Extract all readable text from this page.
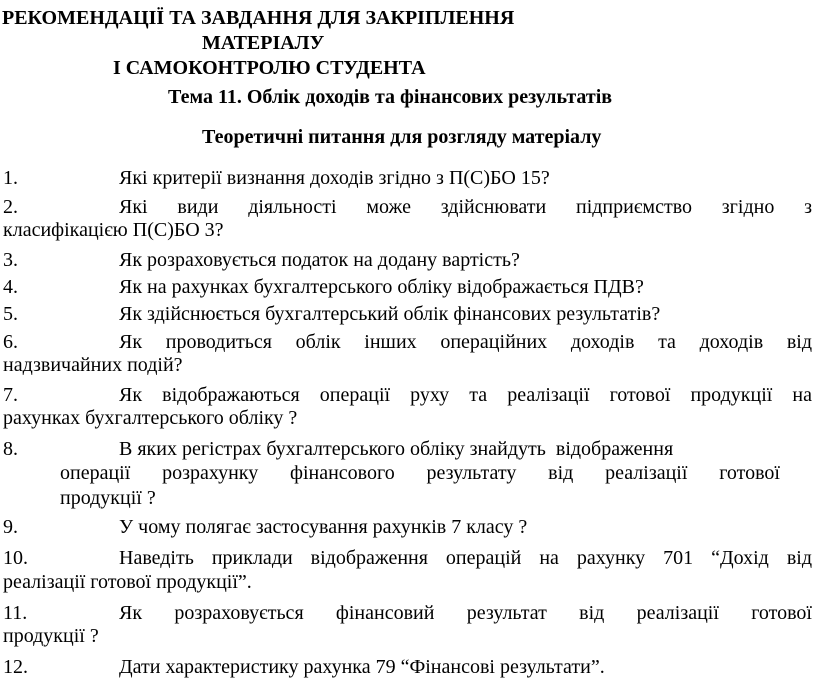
РЕКОМЕНДАЦІЇ ТА ЗАВДАННЯ ДЛЯ ЗАКРІПЛЕННЯ
МАТЕРІАЛУ
І САМОКОНТРОЛЮ СТУДЕНТА
Тема 11. Облік доходів та фінансових результатів
Теоретичні питання для розгляду матеріалу
1.	Які критерії визнання доходів згідно з П(С)БО 15?
2.	Які види діяльності може здійснювати підприємство згідно з
класифікацією П(С)БО 3?
3.	Як розраховується податок на додану вартість?
4.	Як на рахунках бухгалтерського обліку відображається ПДВ?
5.	Як здійснюється бухгалтерський облік фінансових результатів?
6.	Як проводиться облік інших операційних доходів та доходів від
надзвичайних подій?
7.	Як відображаються операції руху та реалізації готової продукції на
рахунках бухгалтерського обліку ?
8.	В яких регістрах бухгалтерського обліку знайдуть  відображення
операції розрахунку фінансового результату від реалізації готової
продукції ?
9.	У чому полягає застосування рахунків 7 класу ?
10.	Наведіть приклади відображення операцій на рахунку 701 “Дохід від
реалізації готової продукції”.
11.	Як розраховується фінансовий результат від реалізації готової
продукції ?
12.	Дати характеристику рахунка 79 “Фінансові результати”.
